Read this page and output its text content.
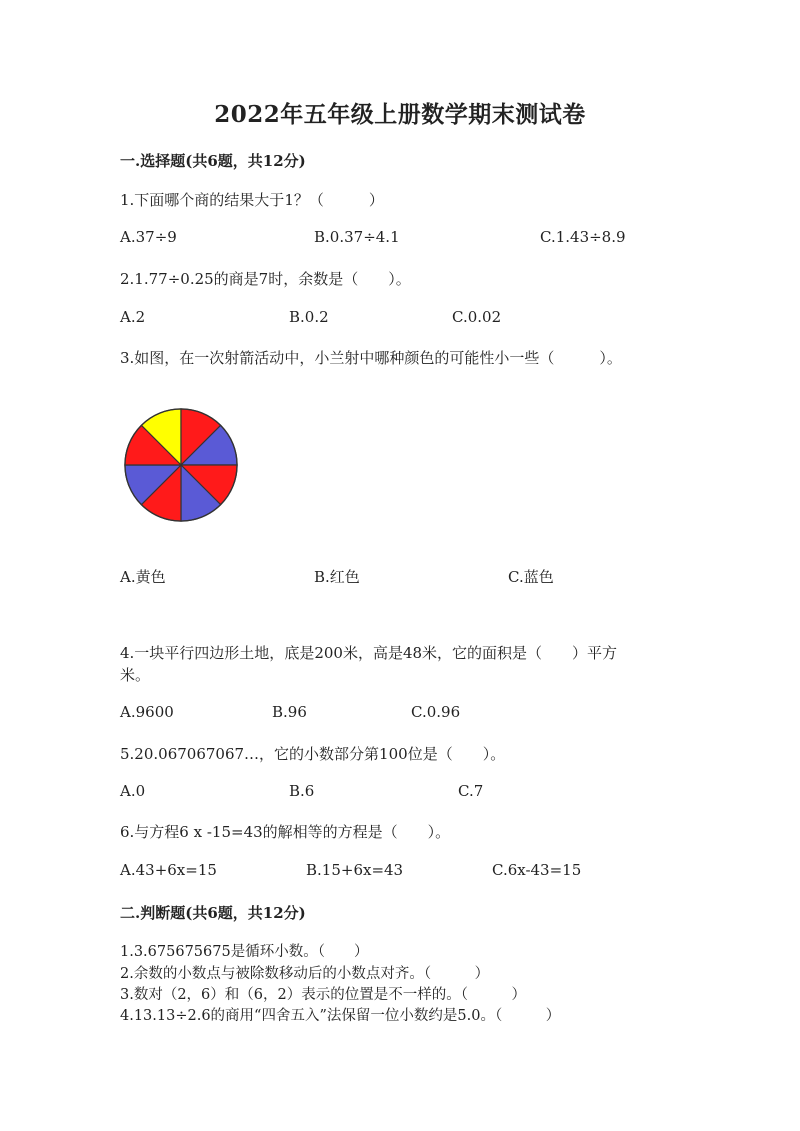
2022年五年级上册数学期末测试卷
一.选择题(共6题，共12分)
1.下面哪个商的结果大于1？（　　　）
A.37÷9	B.0.37÷4.1	C.1.43÷8.9
2.1.77÷0.25的商是7时，余数是（　　）。
A.2	B.0.2	C.0.02
3.如图，在一次射箭活动中，小兰射中哪种颜色的可能性小一些（　　　）。
A.黄色	B.红色	C.蓝色
4.一块平行四边形土地，底是200米，高是48米，它的面积是（　　）平方
米。
A.9600	B.96	C.0.96
5.20.067067067…，它的小数部分第100位是（　　）。
A.0	B.6	C.7
6.与方程6 x -15=43的解相等的方程是（　　）。
A.43+6x=15	B.15+6x=43	C.6x-43=15
二.判断题(共6题，共12分)
1.3.675675675是循环小数。（　　）
2.余数的小数点与被除数移动后的小数点对齐。（　　　）
3.数对（2，6）和（6，2）表示的位置是不一样的。（　　　）
4.13.13÷2.6的商用“四舍五入”法保留一位小数约是5.0。（　　　）
